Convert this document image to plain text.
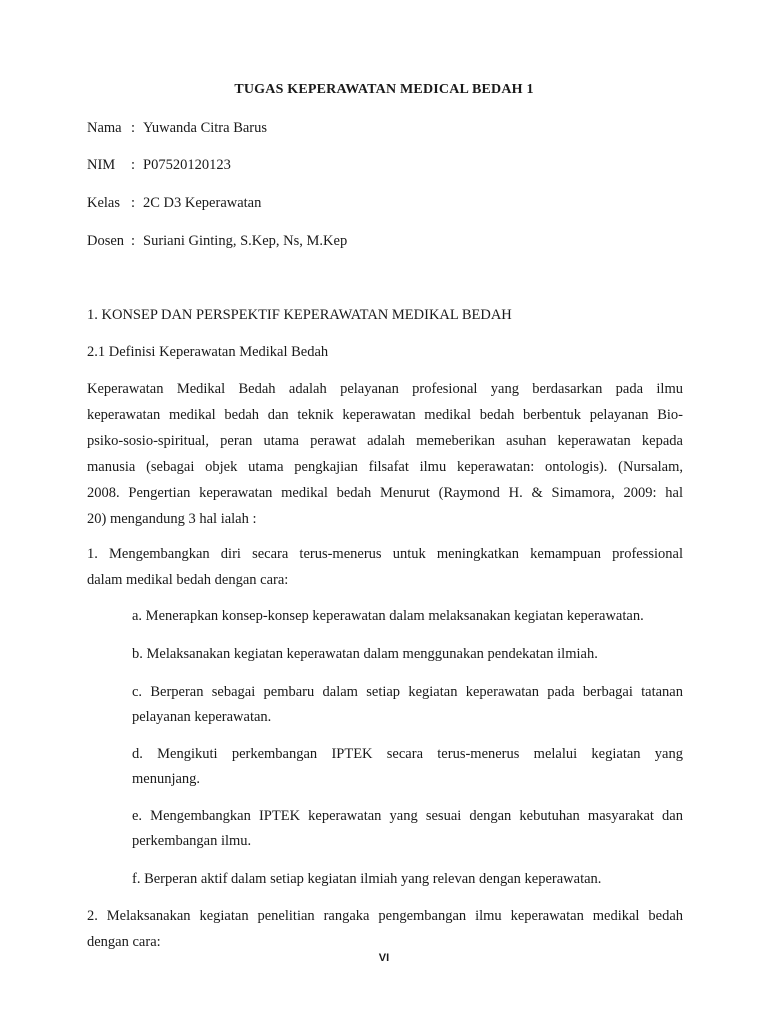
TUGAS KEPERAWATAN MEDICAL BEDAH 1
Nama : Yuwanda Citra Barus
NIM : P07520120123
Kelas : 2C D3 Keperawatan
Dosen : Suriani Ginting, S.Kep, Ns, M.Kep
1. KONSEP DAN PERSPEKTIF KEPERAWATAN MEDIKAL BEDAH
2.1 Definisi Keperawatan Medikal Bedah
Keperawatan Medikal Bedah adalah pelayanan profesional yang berdasarkan pada ilmu
keperawatan medikal bedah dan teknik keperawatan medikal bedah berbentuk pelayanan Bio-
psiko-sosio-spiritual, peran utama perawat adalah memeberikan asuhan keperawatan kepada
manusia (sebagai objek utama pengkajian filsafat ilmu keperawatan: ontologis). (Nursalam,
2008. Pengertian keperawatan medikal bedah Menurut (Raymond H. & Simamora, 2009: hal
20) mengandung 3 hal ialah :
1. Mengembangkan diri secara terus-menerus untuk meningkatkan kemampuan professional
dalam medikal bedah dengan cara:
a. Menerapkan konsep-konsep keperawatan dalam melaksanakan kegiatan keperawatan.
b. Melaksanakan kegiatan keperawatan dalam menggunakan pendekatan ilmiah.
c. Berperan sebagai pembaru dalam setiap kegiatan keperawatan pada berbagai tatanan
pelayanan keperawatan.
d. Mengikuti perkembangan IPTEK secara terus-menerus melalui kegiatan yang
menunjang.
e. Mengembangkan IPTEK keperawatan yang sesuai dengan kebutuhan masyarakat dan
perkembangan ilmu.
f. Berperan aktif dalam setiap kegiatan ilmiah yang relevan dengan keperawatan.
2. Melaksanakan kegiatan penelitian rangaka pengembangan ilmu keperawatan medikal bedah
dengan cara:
VI
